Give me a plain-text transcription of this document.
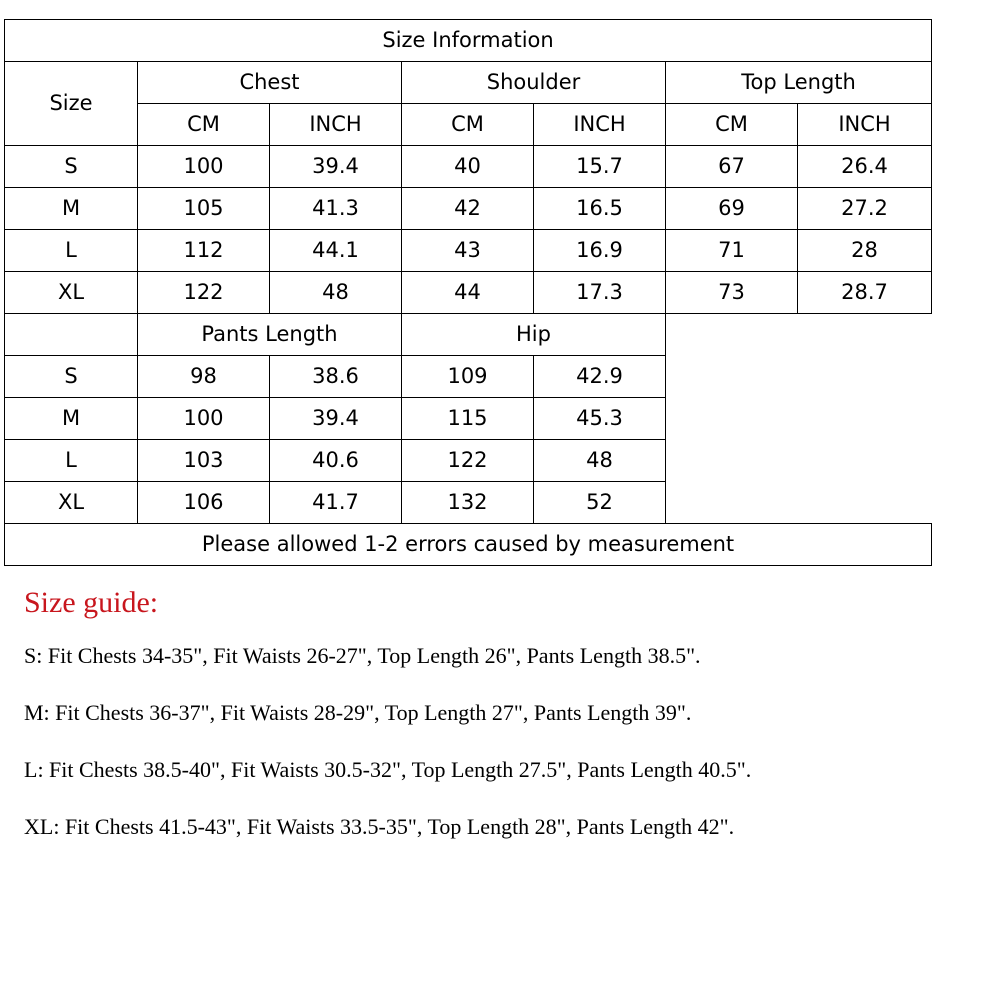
Size Information						
Size	Chest		Shoulder		Top Length	
	CM	INCH	CM	INCH	CM	INCH
S	100	39.4	40	15.7	67	26.4
M	105	41.3	42	16.5	69	27.2
L	112	44.1	43	16.9	71	28
XL	122	48	44	17.3	73	28.7
	Pants Length		Hip			
S	98	38.6	109	42.9		
M	100	39.4	115	45.3		
L	103	40.6	122	48		
XL	106	41.7	132	52		
Please allowed 1-2 errors caused by measurement						
Size guide:
S: Fit Chests 34-35", Fit Waists 26-27", Top Length 26", Pants Length 38.5".
M: Fit Chests 36-37", Fit Waists 28-29", Top Length 27", Pants Length 39".
L: Fit Chests 38.5-40", Fit Waists 30.5-32", Top Length 27.5", Pants Length 40.5".
XL: Fit Chests 41.5-43", Fit Waists 33.5-35", Top Length 28", Pants Length 42".
